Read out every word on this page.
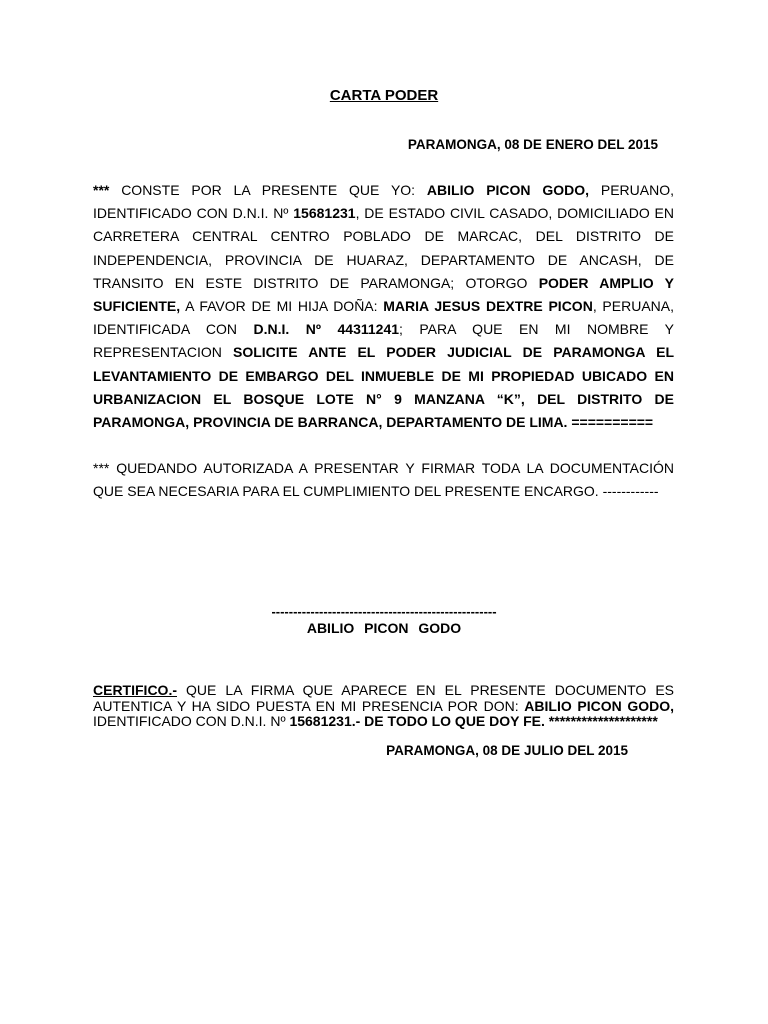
CARTA PODER
PARAMONGA, 08 DE ENERO DEL 2015
*** CONSTE POR LA PRESENTE QUE YO: ABILIO PICON GODO, PERUANO, IDENTIFICADO CON D.N.I. Nº 15681231, DE ESTADO CIVIL CASADO, DOMICILIADO EN CARRETERA CENTRAL CENTRO POBLADO DE MARCAC, DEL DISTRITO DE INDEPENDENCIA, PROVINCIA DE HUARAZ, DEPARTAMENTO DE ANCASH, DE TRANSITO EN ESTE DISTRITO DE PARAMONGA; OTORGO PODER AMPLIO Y SUFICIENTE, A FAVOR DE MI HIJA DOÑA: MARIA JESUS DEXTRE PICON, PERUANA, IDENTIFICADA CON D.N.I. Nº 44311241; PARA QUE EN MI NOMBRE Y REPRESENTACION SOLICITE ANTE EL PODER JUDICIAL DE PARAMONGA EL LEVANTAMIENTO DE EMBARGO DEL INMUEBLE DE MI PROPIEDAD UBICADO EN URBANIZACION EL BOSQUE LOTE N° 9 MANZANA “K”, DEL DISTRITO DE PARAMONGA, PROVINCIA DE BARRANCA, DEPARTAMENTO DE LIMA. ==========
*** QUEDANDO AUTORIZADA A PRESENTAR Y FIRMAR TODA LA DOCUMENTACIÓN QUE SEA NECESARIA PARA EL CUMPLIMIENTO DEL PRESENTE ENCARGO. ------------
----------------------------------------------------
ABILIO PICON GODO
CERTIFICO.- QUE LA FIRMA QUE APARECE EN EL PRESENTE DOCUMENTO ES AUTENTICA Y HA SIDO PUESTA EN MI PRESENCIA POR DON: ABILIO PICON GODO, IDENTIFICADO CON D.N.I. Nº 15681231.- DE TODO LO QUE DOY FE. ********************
PARAMONGA, 08 DE JULIO DEL 2015
